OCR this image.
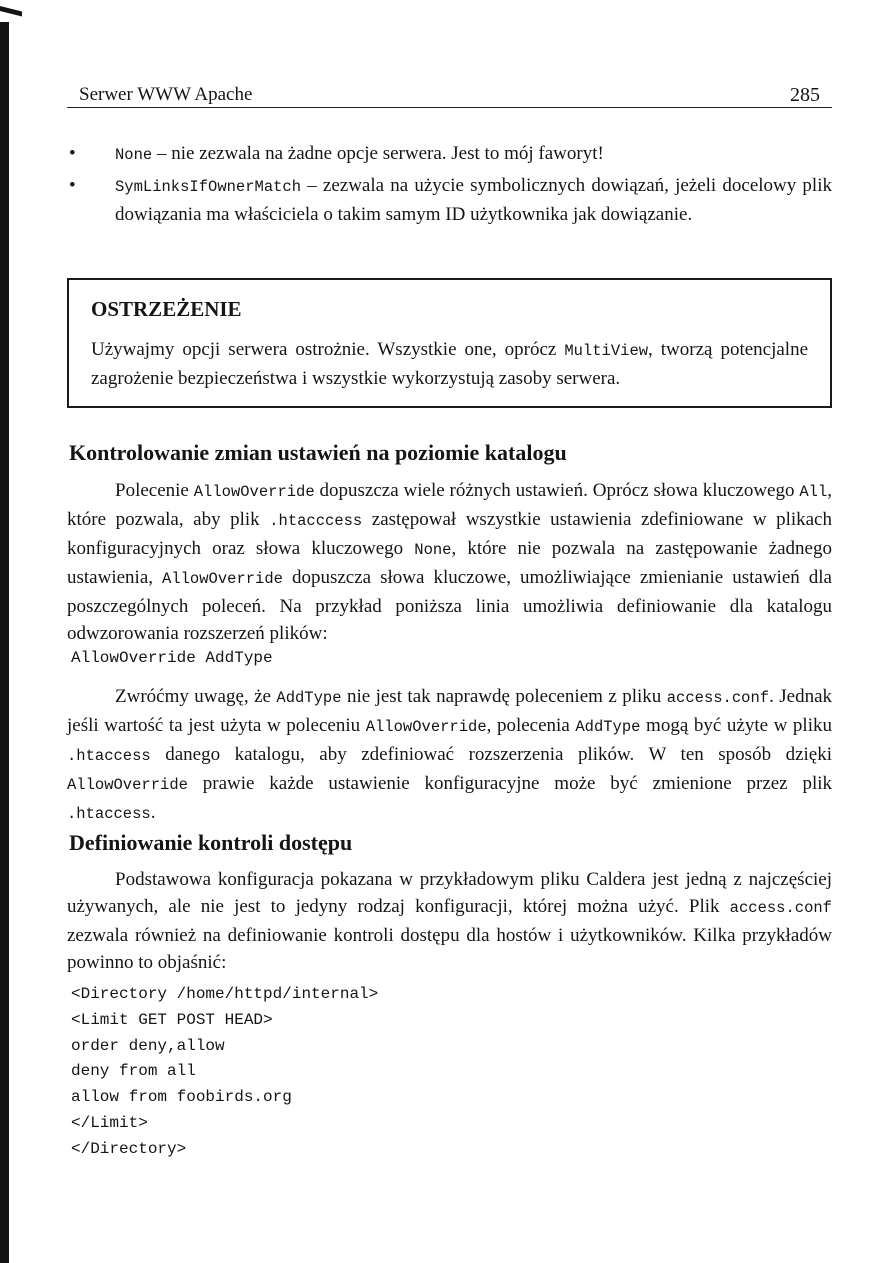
Serwer WWW Apache	285
•	None – nie zezwala na żadne opcje serwera. Jest to mój faworyt!
•	SymLinksIfOwnerMatch – zezwala na użycie symbolicznych dowiązań, jeżeli docelowy plik dowiązania ma właściciela o takim samym ID użytkownika jak dowiązanie.
OSTRZEŻENIE

Używajmy opcji serwera ostrożnie. Wszystkie one, oprócz MultiView, tworzą potencjalne zagrożenie bezpieczeństwa i wszystkie wykorzystują zasoby serwera.

Kontrolowanie zmian ustawień na poziomie katalogu

Polecenie AllowOverride dopuszcza wiele różnych ustawień. Oprócz słowa kluczowego All, które pozwala, aby plik .htacccess zastępował wszystkie ustawienia zdefiniowane w plikach konfiguracyjnych oraz słowa kluczowego None, które nie pozwala na zastępowanie żadnego ustawienia, AllowOverride dopuszcza słowa kluczowe, umożliwiające zmienianie ustawień dla poszczególnych poleceń. Na przykład poniższa linia umożliwia definiowanie dla katalogu odwzorowania rozszerzeń plików:

AllowOverride AddType

Zwróćmy uwagę, że AddType nie jest tak naprawdę poleceniem z pliku access.conf. Jednak jeśli wartość ta jest użyta w poleceniu AllowOverride, polecenia AddType mogą być użyte w pliku .htaccess danego katalogu, aby zdefiniować rozszerzenia plików. W ten sposób dzięki AllowOverride prawie każde ustawienie konfiguracyjne może być zmienione przez plik .htaccess.

Definiowanie kontroli dostępu

Podstawowa konfiguracja pokazana w przykładowym pliku Caldera jest jedną z najczęściej używanych, ale nie jest to jedyny rodzaj konfiguracji, której można użyć. Plik access.conf zezwala również na definiowanie kontroli dostępu dla hostów i użytkowników. Kilka przykładów powinno to objaśnić:

<Directory /home/httpd/internal>
<Limit GET POST HEAD>
order deny,allow
deny from all
allow from foobirds.org
</Limit>
</Directory>
